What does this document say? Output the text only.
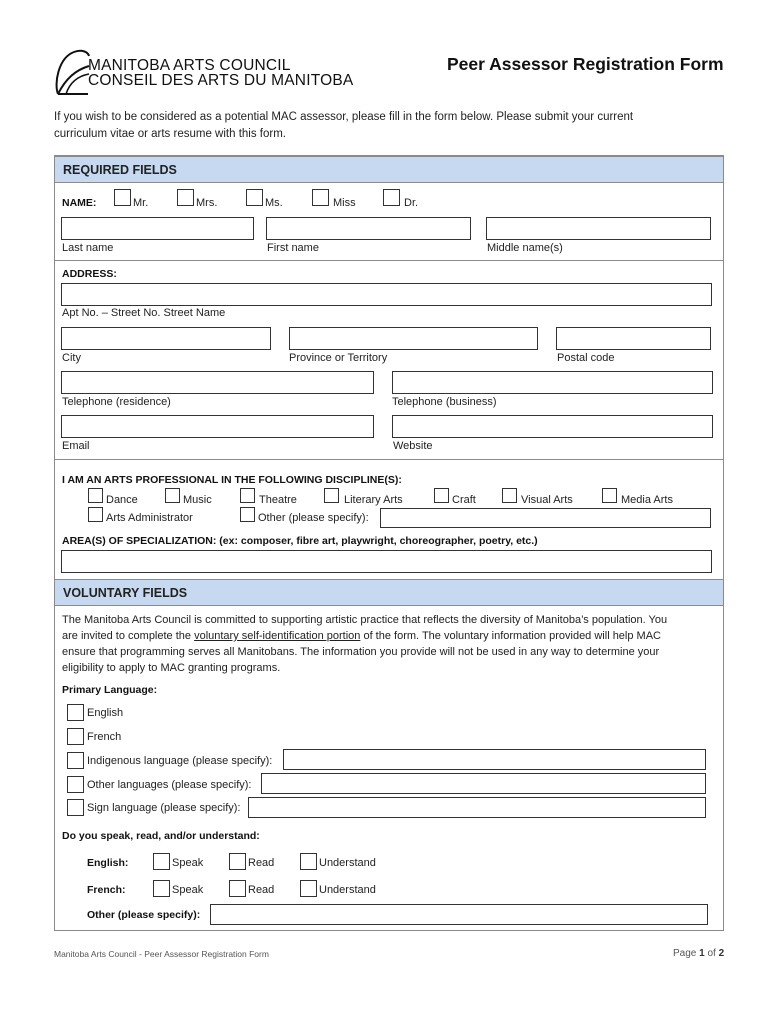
MANITOBA ARTS COUNCIL
CONSEIL DES ARTS DU MANITOBA
Peer Assessor Registration Form
If you wish to be considered as a potential MAC assessor, please fill in the form below. Please submit your current
curriculum vitae or arts resume with this form.
REQUIRED FIELDS
NAME:	Mr.	Mrs.	Ms.	Miss	Dr.
Last name	First name	Middle name(s)
ADDRESS:
Apt No. – Street No. Street Name
City	Province or Territory	Postal code
Telephone (residence)	Telephone (business)
Email	Website
I AM AN ARTS PROFESSIONAL IN THE FOLLOWING DISCIPLINE(S):
Dance	Music	Theatre	Literary Arts	Craft	Visual Arts	Media Arts
Arts Administrator	Other (please specify):
AREA(S) OF SPECIALIZATION: (ex: composer, fibre art, playwright, choreographer, poetry, etc.)
VOLUNTARY FIELDS
The Manitoba Arts Council is committed to supporting artistic practice that reflects the diversity of Manitoba’s population. You
are invited to complete the voluntary self-identification portion of the form. The voluntary information provided will help MAC
ensure that programming serves all Manitobans. The information you provide will not be used in any way to determine your
eligibility to apply to MAC granting programs.
Primary Language:
English
French
Indigenous language (please specify):
Other languages (please specify):
Sign language (please specify):
Do you speak, read, and/or understand:
English:	Speak	Read	Understand
French:	Speak	Read	Understand
Other (please specify):
Manitoba Arts Council - Peer Assessor Registration Form	Page 1 of 2
